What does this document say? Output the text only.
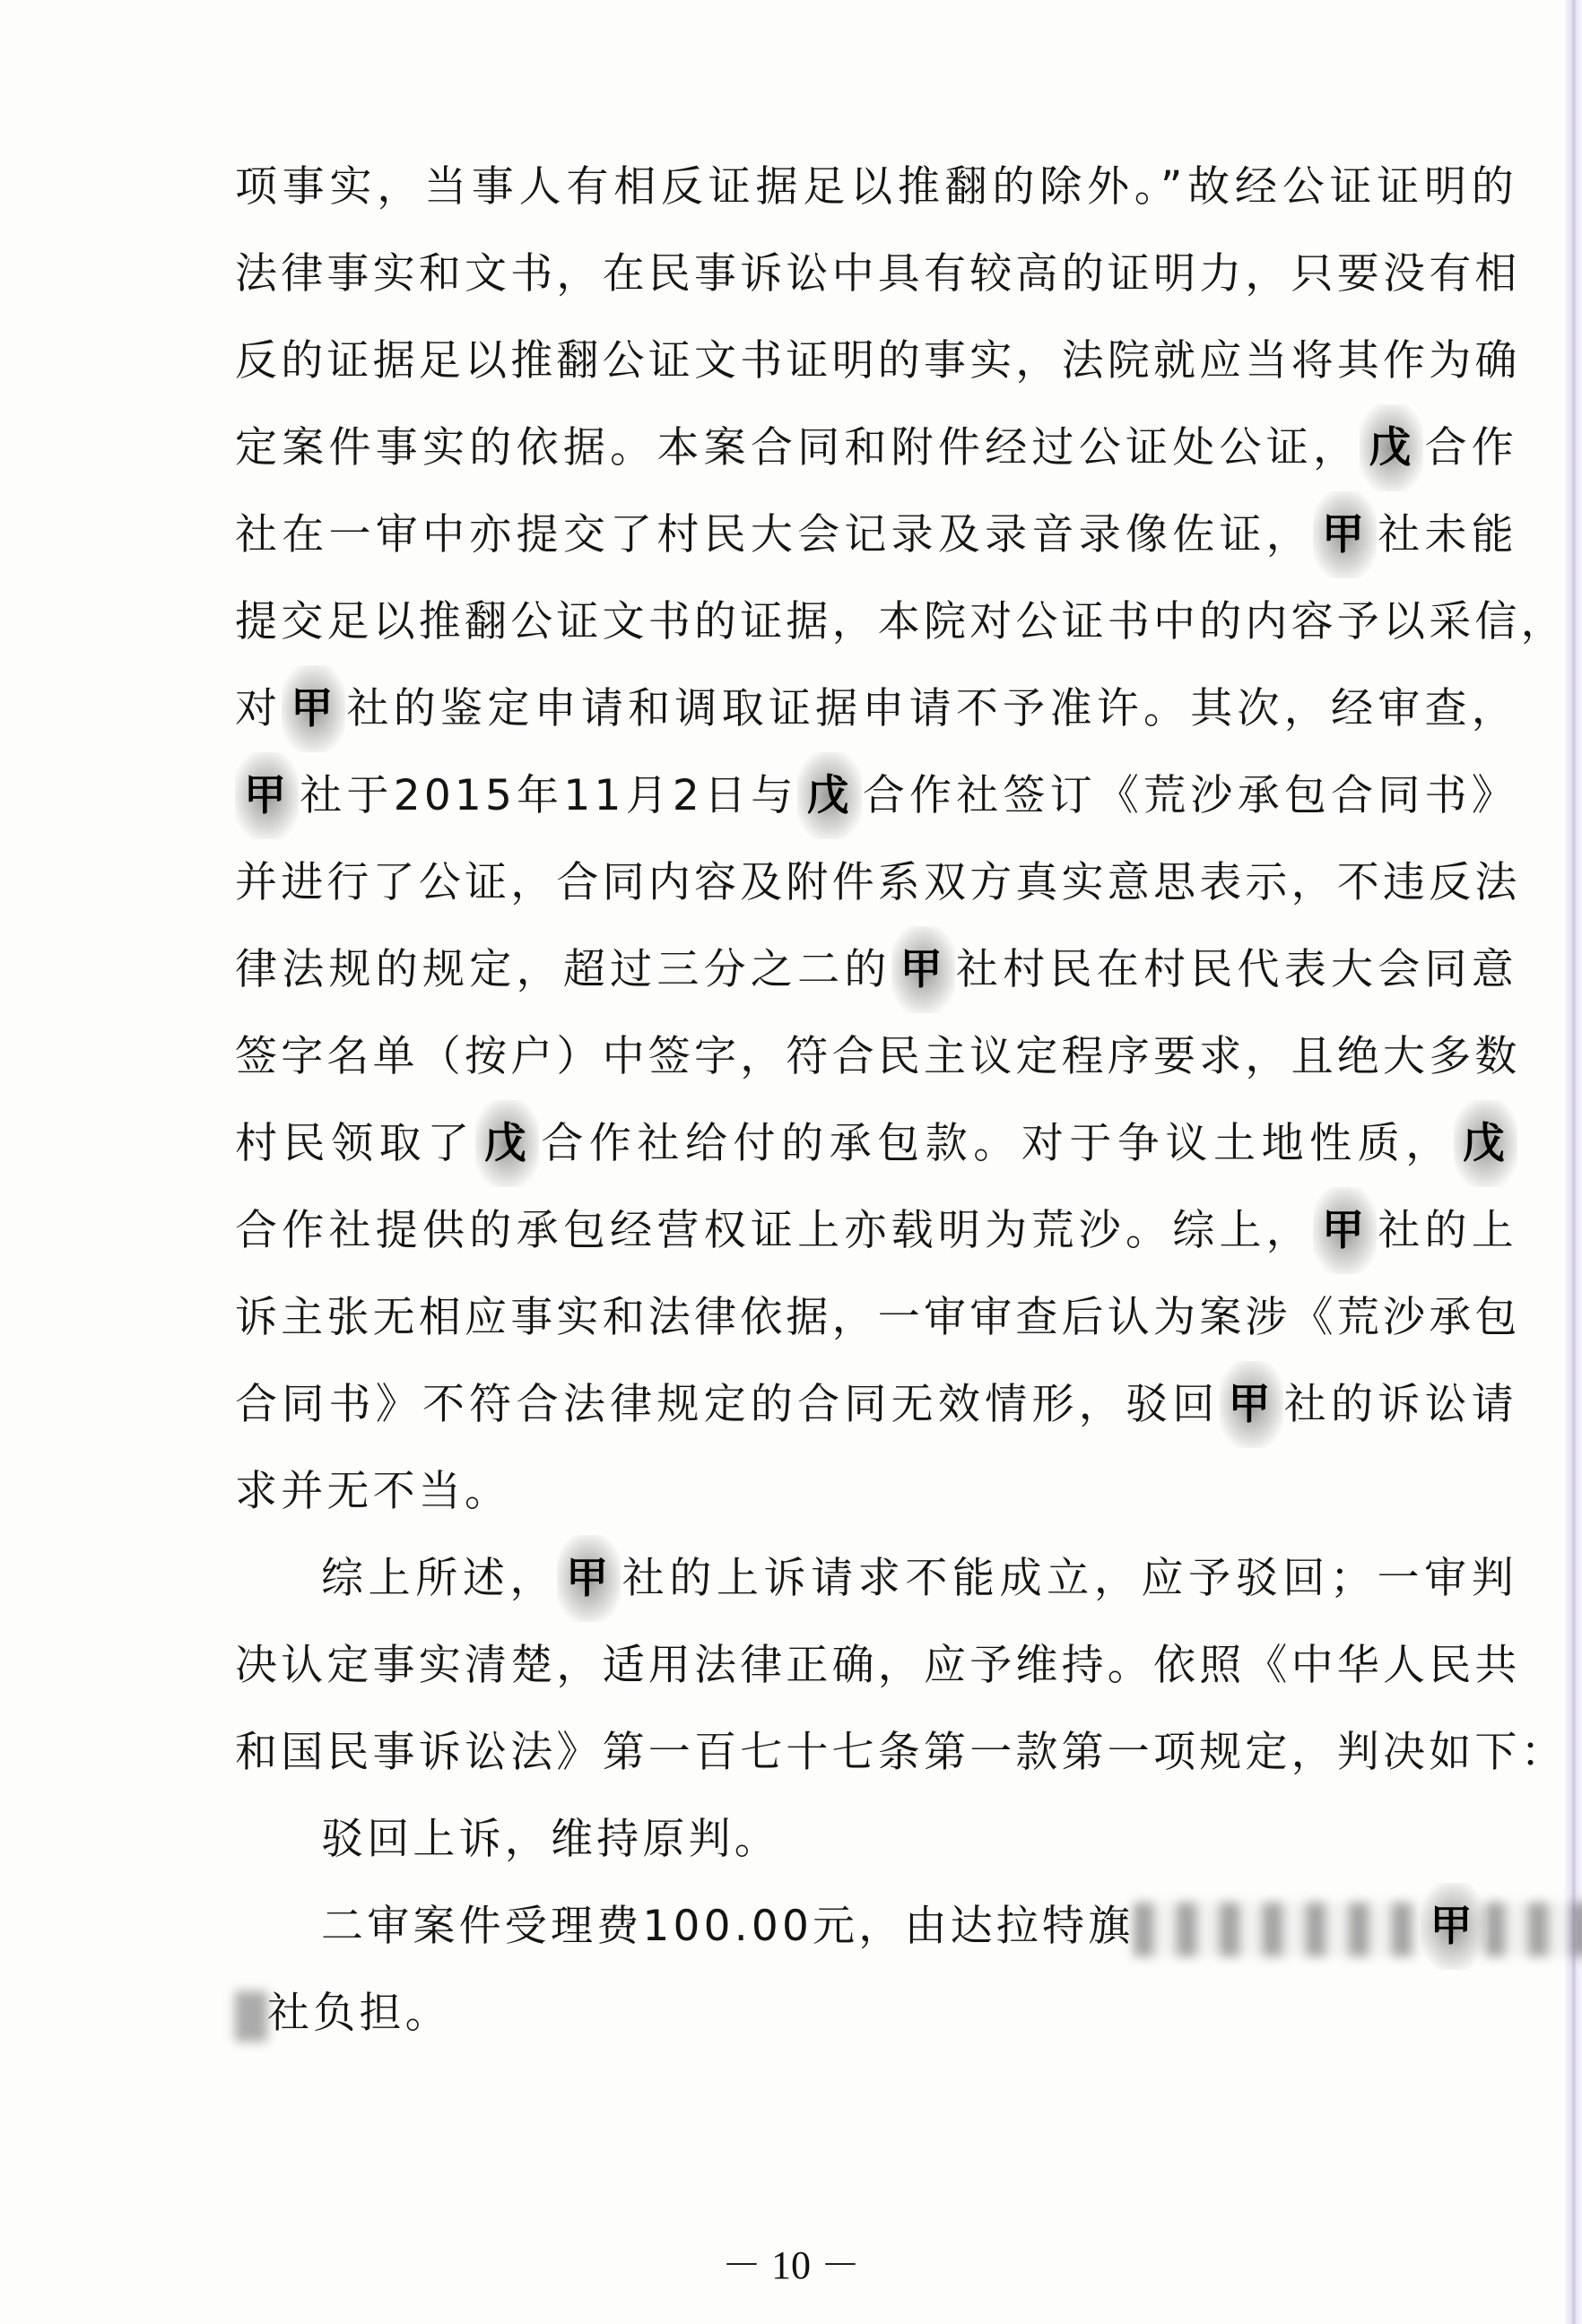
项事实，当事人有相反证据足以推翻的除外。”故经公证证明的
法律事实和文书，在民事诉讼中具有较高的证明力，只要没有相
反的证据足以推翻公证文书证明的事实，法院就应当将其作为确
定案件事实的依据。本案合同和附件经过公证处公证， 戊 合作
社在一审中亦提交了村民大会记录及录音录像佐证， 甲 社未能
提交足以推翻公证文书的证据，本院对公证书中的内容予以采信，
对 甲 社的鉴定申请和调取证据申请不予准许。其次，经审查，
甲 社于2015年11月2日与 戊 合作社签订《荒沙承包合同书》
并进行了公证，合同内容及附件系双方真实意思表示，不违反法
律法规的规定，超过三分之二的 甲 社村民在村民代表大会同意
签字名单（按户）中签字，符合民主议定程序要求，且绝大多数
村民领取了 戊 合作社给付的承包款。对于争议土地性质， 戊
合作社提供的承包经营权证上亦载明为荒沙。综上， 甲 社的上
诉主张无相应事实和法律依据，一审审查后认为案涉《荒沙承包
合同书》不符合法律规定的合同无效情形，驳回 甲 社的诉讼请
求并无不当。
综上所述， 甲 社的上诉请求不能成立，应予驳回；一审判
决认定事实清楚，适用法律正确，应予维持。依照《中华人民共
和国民事诉讼法》第一百七十七条第一款第一项规定，判决如下：
驳回上诉，维持原判。
二审案件受理费100.00元，由达拉特旗	甲
社负担。
－ 10 －
